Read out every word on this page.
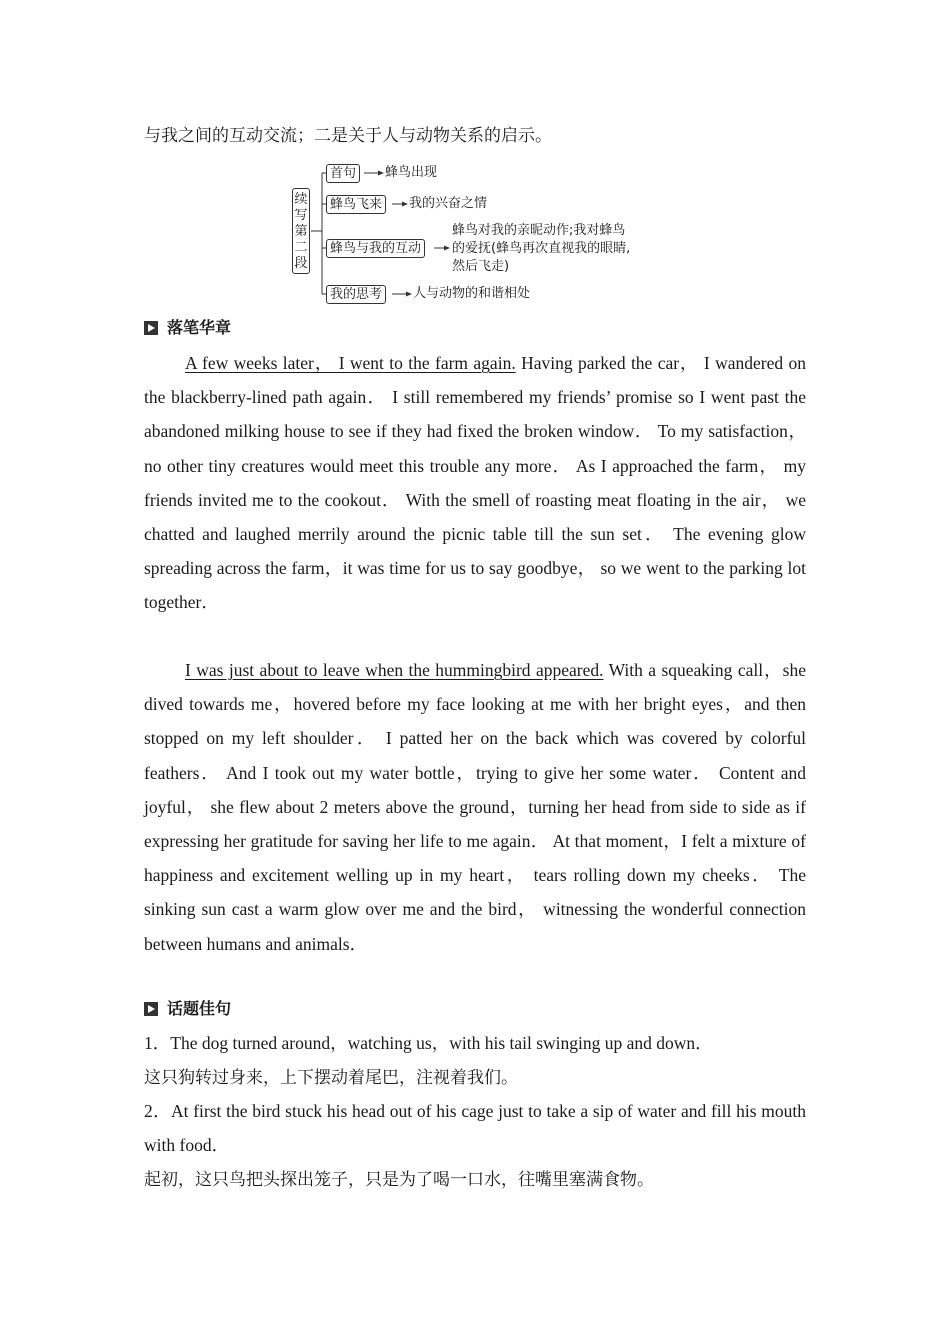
与我之间的互动交流；二是关于人与动物关系的启示。
续写第二段
首句	蜂鸟出现
蜂鸟飞来	我的兴奋之情
蜂鸟与我的互动
蜂鸟对我的亲昵动作;我对蜂鸟
的爱抚(蜂鸟再次直视我的眼睛,
然后飞走)
我的思考	人与动物的和谐相处
落笔华章

A few weeks later， I went to the farm again. Having parked the car， I wandered on the blackberry-lined path again． I still remembered my friends’ promise so I went past the abandoned milking house to see if they had fixed the broken window． To my satisfaction， no other tiny creatures would meet this trouble any more． As I approached the farm， my friends invited me to the cookout． With the smell of roasting meat floating in the air， we chatted and laughed merrily around the picnic table till the sun set． The evening glow spreading across the farm，it was time for us to say goodbye， so we went to the parking lot together．

I was just about to leave when the hummingbird appeared. With a squeaking call，she dived towards me，hovered before my face looking at me with her bright eyes，and then stopped on my left shoulder． I patted her on the back which was covered by colorful feathers． And I took out my water bottle，trying to give her some water． Content and joyful， she flew about 2 meters above the ground，turning her head from side to side as if expressing her gratitude for saving her life to me again． At that moment，I felt a mixture of happiness and excitement welling up in my heart， tears rolling down my cheeks． The sinking sun cast a warm glow over me and the bird， witnessing the wonderful connection between humans and animals．

话题佳句
1．The dog turned around，watching us，with his tail swinging up and down．
这只狗转过身来，上下摆动着尾巴，注视着我们。
2．At first the bird stuck his head out of his cage just to take a sip of water and fill his mouth with food．
起初，这只鸟把头探出笼子，只是为了喝一口水，往嘴里塞满食物。
